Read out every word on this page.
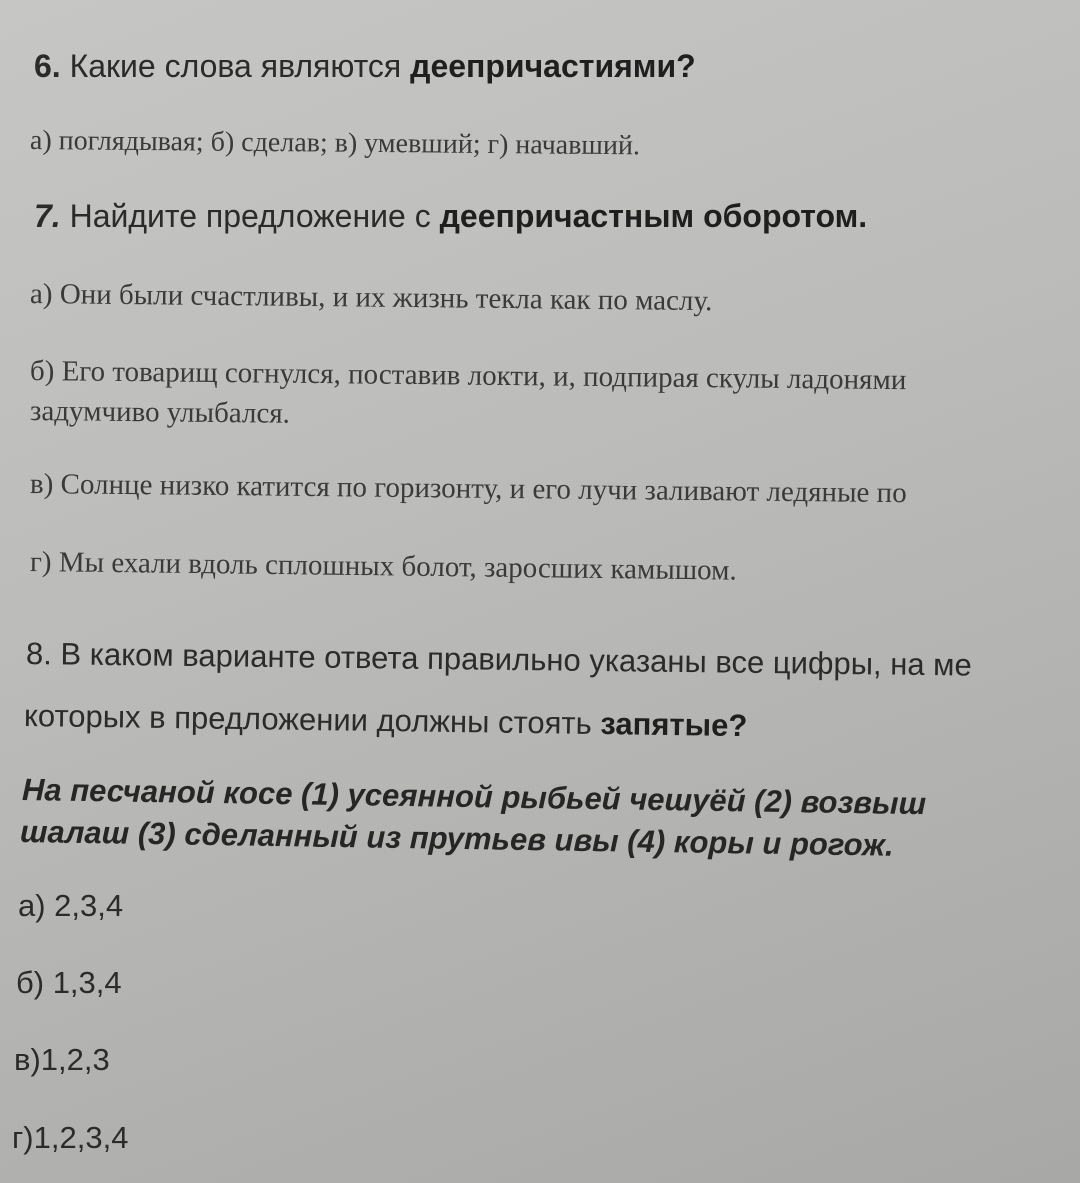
6. Какие слова являются деепричастиями?

а) поглядывая; б) сделав; в) умевший; г) начавший.

7. Найдите предложение с деепричастным оборотом.

а) Они были счастливы, и их жизнь текла как по маслу.

б) Его товарищ согнулся, поставив локти, и, подпирая скулы ладонями

задумчиво улыбался.

в) Солнце низко катится по горизонту, и его лучи заливают ледяные по

г) Мы ехали вдоль сплошных болот, заросших камышом.

8. В каком варианте ответа правильно указаны все цифры, на ме

которых в предложении должны стоять запятые?

На песчаной косе (1) усеянной рыбьей чешуёй (2) возвыш

шалаш (3) сделанный из прутьев ивы (4) коры и рогож.

а) 2,3,4

б) 1,3,4

в)1,2,3

г)1,2,3,4
